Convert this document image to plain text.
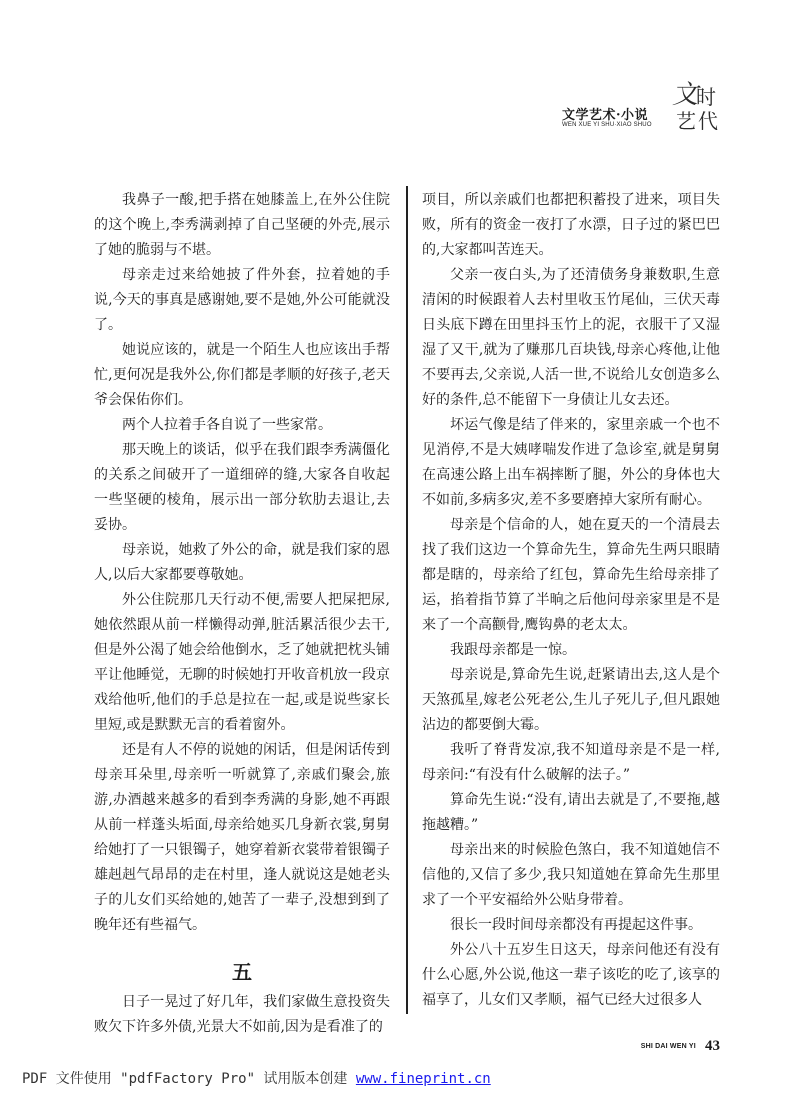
文学艺术·小说
WEN XUE YI SHU·XIAO SHUO
文
时
艺 代

我鼻子一酸,把手搭在她膝盖上,在外公住院的这个晚上,李秀满剥掉了自己坚硬的外壳,展示了她的脆弱与不堪。

母亲走过来给她披了件外套，拉着她的手说,今天的事真是感谢她,要不是她,外公可能就没了。

她说应该的，就是一个陌生人也应该出手帮忙,更何况是我外公,你们都是孝顺的好孩子,老天爷会保佑你们。

两个人拉着手各自说了一些家常。

那天晚上的谈话，似乎在我们跟李秀满僵化的关系之间破开了一道细碎的缝,大家各自收起一些坚硬的棱角，展示出一部分软肋去退让,去妥协。

母亲说，她救了外公的命，就是我们家的恩人,以后大家都要尊敬她。

外公住院那几天行动不便,需要人把屎把尿,她依然跟从前一样懒得动弹,脏活累活很少去干,但是外公渴了她会给他倒水，乏了她就把枕头铺平让他睡觉，无聊的时候她打开收音机放一段京戏给他听,他们的手总是拉在一起,或是说些家长里短,或是默默无言的看着窗外。

还是有人不停的说她的闲话，但是闲话传到母亲耳朵里,母亲听一听就算了,亲戚们聚会,旅游,办酒越来越多的看到李秀满的身影,她不再跟从前一样蓬头垢面,母亲给她买几身新衣裳,舅舅给她打了一只银镯子，她穿着新衣裳带着银镯子雄赳赳气昂昂的走在村里，逢人就说这是她老头子的儿女们买给她的,她苦了一辈子,没想到到了晚年还有些福气。

五

日子一晃过了好几年，我们家做生意投资失败欠下许多外债,光景大不如前,因为是看准了的

项目，所以亲戚们也都把积蓄投了进来，项目失败，所有的资金一夜打了水漂，日子过的紧巴巴的,大家都叫苦连天。

父亲一夜白头,为了还清债务身兼数职,生意清闲的时候跟着人去村里收玉竹尾仙，三伏天毒日头底下蹲在田里抖玉竹上的泥，衣服干了又湿湿了又干,就为了赚那几百块钱,母亲心疼他,让他不要再去,父亲说,人活一世,不说给儿女创造多么好的条件,总不能留下一身债让儿女去还。

坏运气像是结了伴来的，家里亲戚一个也不见消停,不是大姨哮喘发作进了急诊室,就是舅舅在高速公路上出车祸摔断了腿，外公的身体也大不如前,多病多灾,差不多要磨掉大家所有耐心。

母亲是个信命的人，她在夏天的一个清晨去找了我们这边一个算命先生，算命先生两只眼睛都是瞎的，母亲给了红包，算命先生给母亲排了运，掐着指节算了半晌之后他问母亲家里是不是来了一个高颧骨,鹰钩鼻的老太太。

我跟母亲都是一惊。

母亲说是,算命先生说,赶紧请出去,这人是个天煞孤星,嫁老公死老公,生儿子死儿子,但凡跟她沾边的都要倒大霉。

我听了脊背发凉,我不知道母亲是不是一样,母亲问:“有没有什么破解的法子。”

算命先生说:“没有,请出去就是了,不要拖,越拖越糟。”

母亲出来的时候脸色煞白，我不知道她信不信他的,又信了多少,我只知道她在算命先生那里求了一个平安福给外公贴身带着。

很长一段时间母亲都没有再提起这件事。

外公八十五岁生日这天，母亲问他还有没有什么心愿,外公说,他这一辈子该吃的吃了,该享的福享了，儿女们又孝顺，福气已经大过很多人

SHI DAI WEN YI 43
PDF 文件使用 "pdfFactory Pro" 试用版本创建 www.fineprint.cn
